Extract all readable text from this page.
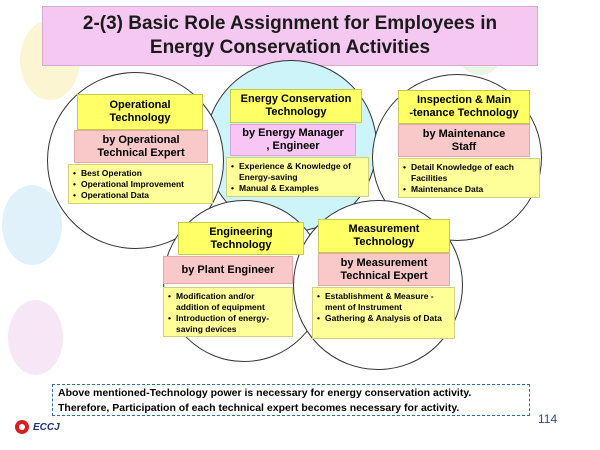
2-(3) Basic Role Assignment for Employees in
Energy Conservation Activities
Operational
Technology
by Operational
Technical Expert
• Best Operation
• Operational Improvement
• Operational Data
Energy Conservation
Technology
by Energy Manager
, Engineer
• Experience & Knowledge of Energy-saving
• Manual & Examples
Inspection & Main
-tenance Technology
by Maintenance
Staff
• Detail Knowledge of each Facilities
• Maintenance Data
Engineering
Technology
by Plant Engineer
• Modification and/or addition of equipment
• Introduction of energy-saving devices
Measurement
Technology
by Measurement
Technical Expert
• Establishment & Measure -ment of Instrument
• Gathering & Analysis of Data
Above mentioned-Technology power is necessary for energy conservation activity.
Therefore, Participation of each technical expert becomes necessary for activity.
114
ECCJ
